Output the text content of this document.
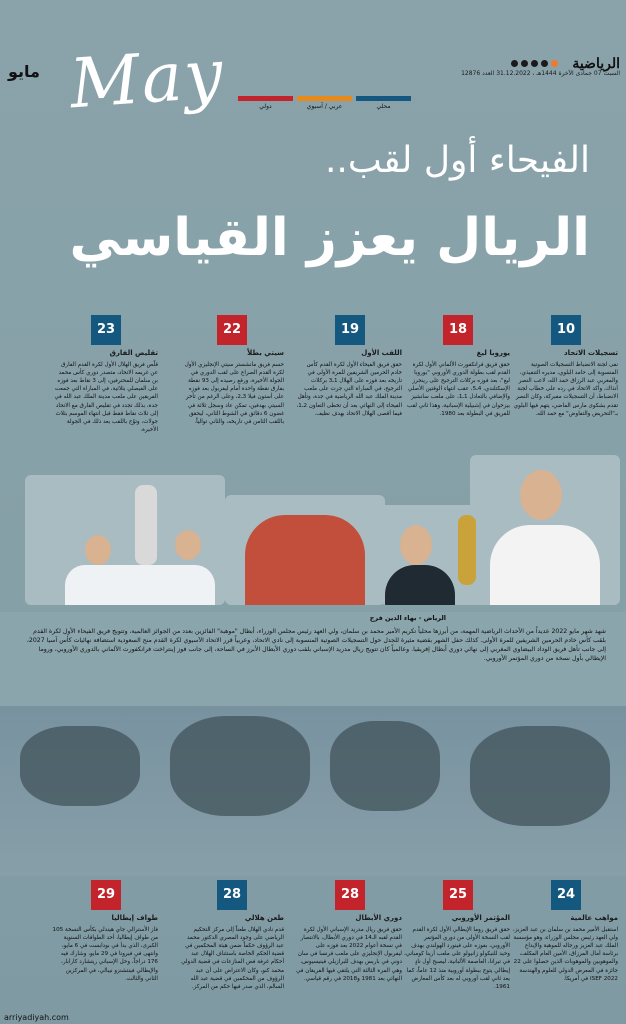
الرياضية
السبت 07 جمادى الآخرة 1444هـ ، 31.12.2022 العدد 12876
مايو May	دولي	عربي / آسيوي	محلي
الفيحاء أول لقب..
الريال يعزز القياسي
10
تسجيلات الاتحاد
نفى لجنة الانضباط التسجيلات الصوتية المنسوبة إلى حامد البلوي، مديره التنفيذي، والمغربي عبد الرزاق حمد الله، لاعب النصر أنذاك، وأكد الاتحاد في رده على خطاب لجنة الانضباط، أن التسجيلات مفبركة، وكان النصر تقدم بشكوى مارس الماضي، يتهم فيها البلوي بـ"التحريض والتفاوض" مع حمد الله.
18
يوروبا ليغ
حقق فريق فرانكفورت الألماني الأول لكرة القدم لقب بطولة الدوري الأوروبي "يوروبا ليغ"، بعد فوزه بركلات الترجيح على رينجرز الإسكتلندي، 4ـ5، عقب انتهاء الوقتين الأصلي والإضافي بالتعادل 1ـ1، على ملعب سانشيز بيزخوان في إشبيلية الإسبانية، وهذا ثاني لقب للفريق في البطولة بعد 1980.
19
اللقب الأول
حقق فريق الفيحاء الأول لكرة القدم كأس خادم الحرمين الشريفين للمرة الأولى في تاريخه بعد فوزه على الهلال 1ـ3 بركلات الترجيح، في المباراة التي جرت على ملعب مدينة الملك عبد الله الرياضية في جدة، وتأهل الفيحاء إلى النهائي بعد أن تخطى التعاون 2ـ1، فيما أقصى الهلال الاتحاد بهدف نظيف.
22
سيتي بطلاً
حسم فريق مانشستر سيتي الإنجليزي الأول لكرة القدم الصراع على لقب الدوري في الجولة الأخيرة، ورفع رصيده إلى 93 نقطة بفارق نقطة واحدة أمام ليفربول بعد فوزه على أستون فيلا 3ـ2، وعلى الرغم من تأخر السيتي بهدفين، تمكن عاد وسجل ثلاثة في غضون 6 دقائق في الشوط الثاني، ليحقق باللقب الثامن في تاريخه، والثاني توالياً.
23
تقليص الفارق
قلّص فريق الهلال الأول لكرة القدم الفارق عن غريمه الاتحاد، متصدر دوري كأس محمد بن سلمان للمحترفين، إلى 3 نقاط بعد فوزه على الفيصلي بثلاثية، في المباراة التي جمعت الفريقين على ملعب مدينة الملك عبد الله في جدة، بذلك تجدد في تقليص الفارق مع الاتحاد إلى ثلاث نقاط فقط قبل انتهاء الموسم بثلاث جولات، وتوّج باللقب بعد ذلك في الجولة الأخيرة.
الرياض - بهاء الدين فرج
شهد شهر مايو 2022 عديداً من الأحداث الرياضية المهمة، من أبرزها محلياً تكريم الأمير محمد بن سلمان، ولي العهد رئيس مجلس الوزراء، أبطال "موهبة" الفائزين بعدد من الجوائز العالمية، وتتويج فريق الفيحاء الأول لكرة القدم بلقب كأس خادم الحرمين الشريفين للمرة الأولى. كذلك حفل الشهر بقضية مثيرة للجدل حول التسجيلات الصوتية المنسوبة إلى نادي الاتحاد، وعربياً قرر الاتحاد الآسيوي لكرة القدم منح السعودية استضافة نهائيات كأس آسيا 2027، إلى جانب تأهل فريق الوداد البيضاوي المغربي إلى نهائي دوري أبطال إفريقيا. وعالمياً كان تتويج ريال مدريد الإسباني بلقب دوري الأبطال الأبرز في الساحة، إلى جانب فوز إينتراخت فرانكفورت الألماني بالدوري الأوروبي، وروما الإيطالي بأول نسخة من دوري المؤتمر الأوروبي.
24
مواهب عالمية
استقبل الأمير محمد بن سلمان بن عبد العزيز، ولي العهد رئيس مجلس الوزراء، وهو مؤسسة الملك عبد العزيز ورجاله للموهبة والإبداع برئاسة أمال المرزاق، الأمين العام المكلف، والموهوبين والموهوبات الذين حصلوا على 22 جائزة في المعرض الدولي للعلوم والهندسة 2022 ISEF في أمريكا.
25
المؤتمر الأوروبي
حقق فريق روما الإيطالي الأول لكرة القدم لقب النسخة الأولى من دوري المؤتمر الأوروبي، بفوزه على فينورد الهولندي بهدف وحيد للنيكولو زانيولو على ملعب أرينا كومباني، في تيرانا، العاصمة الألبانية، ليصبح أول نادٍ إيطالي يتوج ببطولة أوروبية منذ 12 عاماً، كما يعد ثاني لقب أوروبي له بعد كأس المعارض 1961.
28
دوري الأبطال
حقق فريق ريال مدريد الإسباني الأول لكرة القدم لقبه الـ14 في دوري الأبطال، بالانتصار في نسخة أعوام 2022 بعد فوزه على ليفربول الإنجليزي على ملعب فرنسا في سان دوني في باريس بهدف للبرازيلي فينيسيوس، وهي المرة الثالثة التي يلتقي فيها الفريقان في النهائي بعد 1981 و2018 في رقم قياسي.
28
طعن هلالي
قدم نادي الهلال طعناً إلى مركز التحكيم الرياضي على وجود المصري الدكتور محمد عبد الرؤوف حكماً ضمن هيئة المحكمين في قضية الحكم الخاصة باستئناف الهلال عبد أحكام غرفة فض المنازعات في قضية الدولي محمد كنو، وكان الاعتراض على أن عبد الرؤوف من المحكمين في قضية عبد الله السالم، الذي صدر فيها حكم من المركز.
29
طواف إيطاليا
فاز الأسترالي جاي هيندلي بكأس النسخة 105 من طواف إيطاليا، أحد الطوافات السنوية الكبرى، الذي بدأ في بودابست في 6 مايو، وانتهى في فيرونا في 29 مايو، وشارك فيه 176 دراجاً، وحل الإسباني ريتشارد كارابار، والإيطالي فينتشنزو نيبالي، في المركزين الثاني والثالث.
arriyadiyah.com
